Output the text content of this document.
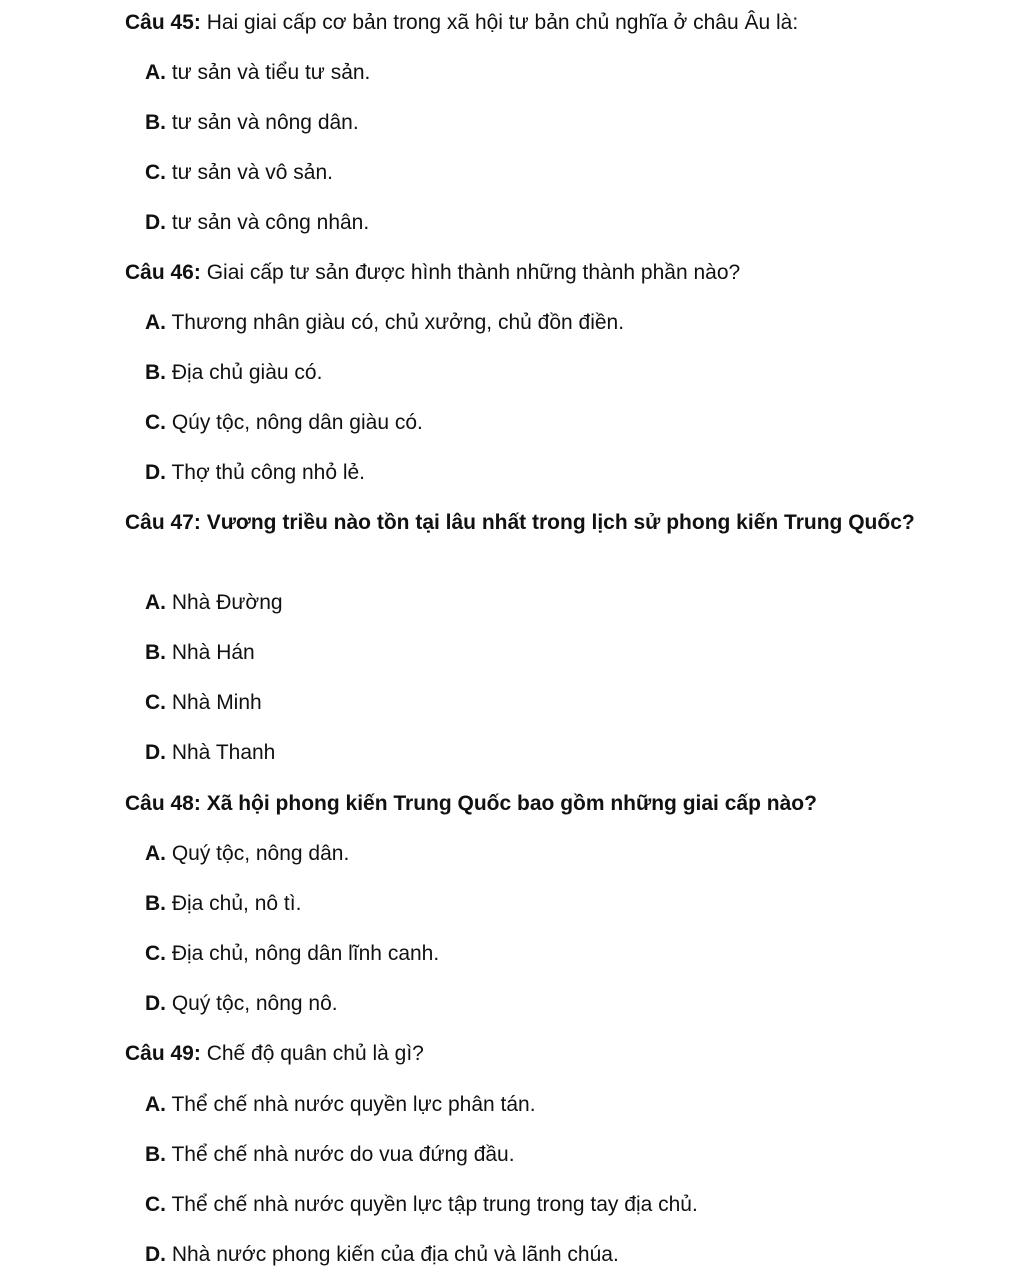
Câu 45: Hai giai cấp cơ bản trong xã hội tư bản chủ nghĩa ở châu Âu là:
A. tư sản và tiểu tư sản.
B. tư sản và nông dân.
C. tư sản và vô sản.
D. tư sản và công nhân.
Câu 46: Giai cấp tư sản được hình thành những thành phần nào?
A. Thương nhân giàu có, chủ xưởng, chủ đồn điền.
B. Địa chủ giàu có.
C. Qúy tộc, nông dân giàu có.
D. Thợ thủ công nhỏ lẻ.
Câu 47: Vương triều nào tồn tại lâu nhất trong lịch sử phong kiến Trung Quốc?
A. Nhà Đường
B. Nhà Hán
C. Nhà Minh
D. Nhà Thanh
Câu 48: Xã hội phong kiến Trung Quốc bao gồm những giai cấp nào?
A. Quý tộc, nông dân.
B. Địa chủ, nô tì.
C. Địa chủ, nông dân lĩnh canh.
D. Quý tộc, nông nô.
Câu 49: Chế độ quân chủ là gì?
A. Thể chế nhà nước quyền lực phân tán.
B. Thể chế nhà nước do vua đứng đầu.
C. Thể chế nhà nước quyền lực tập trung trong tay địa chủ.
D. Nhà nước phong kiến của địa chủ và lãnh chúa.
